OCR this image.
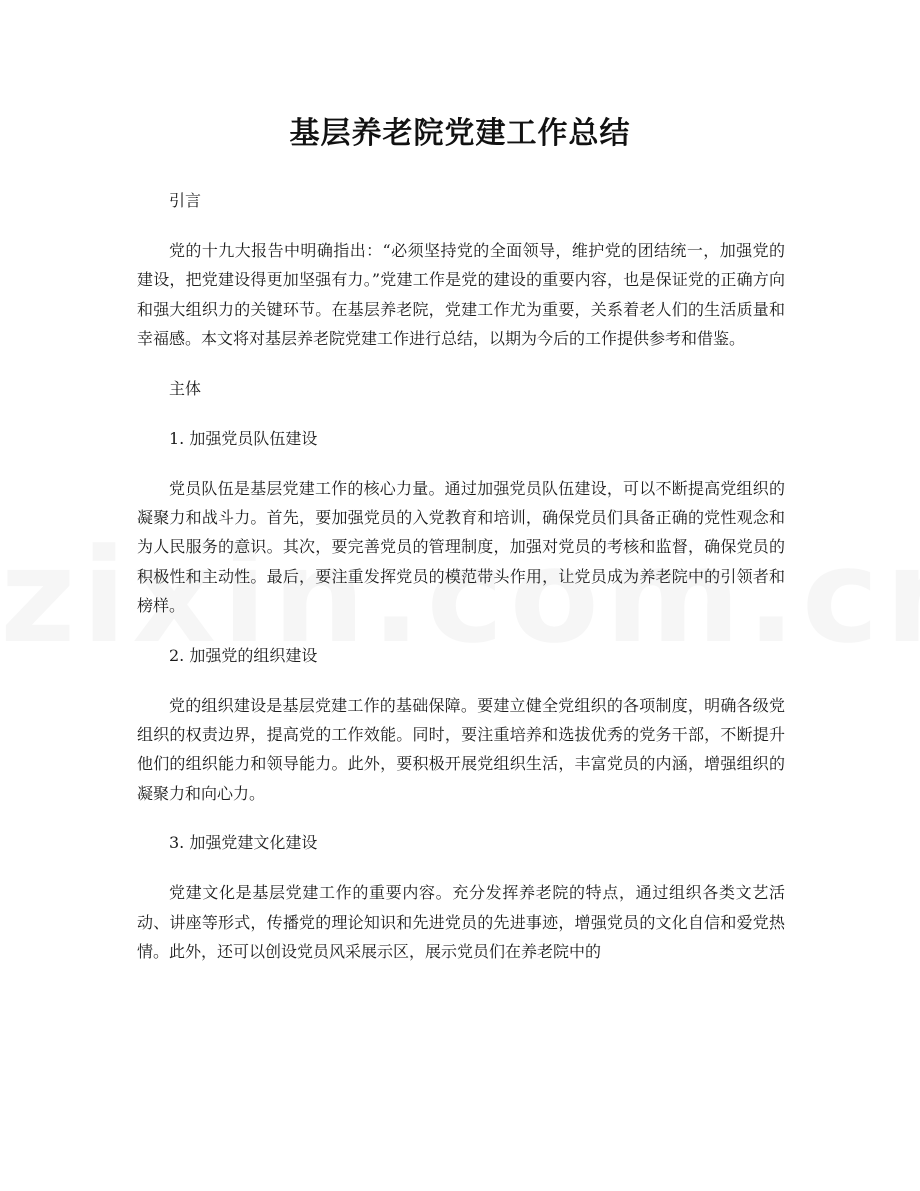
基层养老院党建工作总结
引言
党的十九大报告中明确指出：“必须坚持党的全面领导，维护党的团结统一，加强党的建设，把党建设得更加坚强有力。”党建工作是党的建设的重要内容，也是保证党的正确方向和强大组织力的关键环节。在基层养老院，党建工作尤为重要，关系着老人们的生活质量和幸福感。本文将对基层养老院党建工作进行总结，以期为今后的工作提供参考和借鉴。
主体
1. 加强党员队伍建设
党员队伍是基层党建工作的核心力量。通过加强党员队伍建设，可以不断提高党组织的凝聚力和战斗力。首先，要加强党员的入党教育和培训，确保党员们具备正确的党性观念和为人民服务的意识。其次，要完善党员的管理制度，加强对党员的考核和监督，确保党员的积极性和主动性。最后，要注重发挥党员的模范带头作用，让党员成为养老院中的引领者和榜样。
2. 加强党的组织建设
党的组织建设是基层党建工作的基础保障。要建立健全党组织的各项制度，明确各级党组织的权责边界，提高党的工作效能。同时，要注重培养和选拔优秀的党务干部，不断提升他们的组织能力和领导能力。此外，要积极开展党组织生活，丰富党员的内涵，增强组织的凝聚力和向心力。
3. 加强党建文化建设
党建文化是基层党建工作的重要内容。充分发挥养老院的特点，通过组织各类文艺活动、讲座等形式，传播党的理论知识和先进党员的先进事迹，增强党员的文化自信和爱党热情。此外，还可以创设党员风采展示区，展示党员们在养老院中的
